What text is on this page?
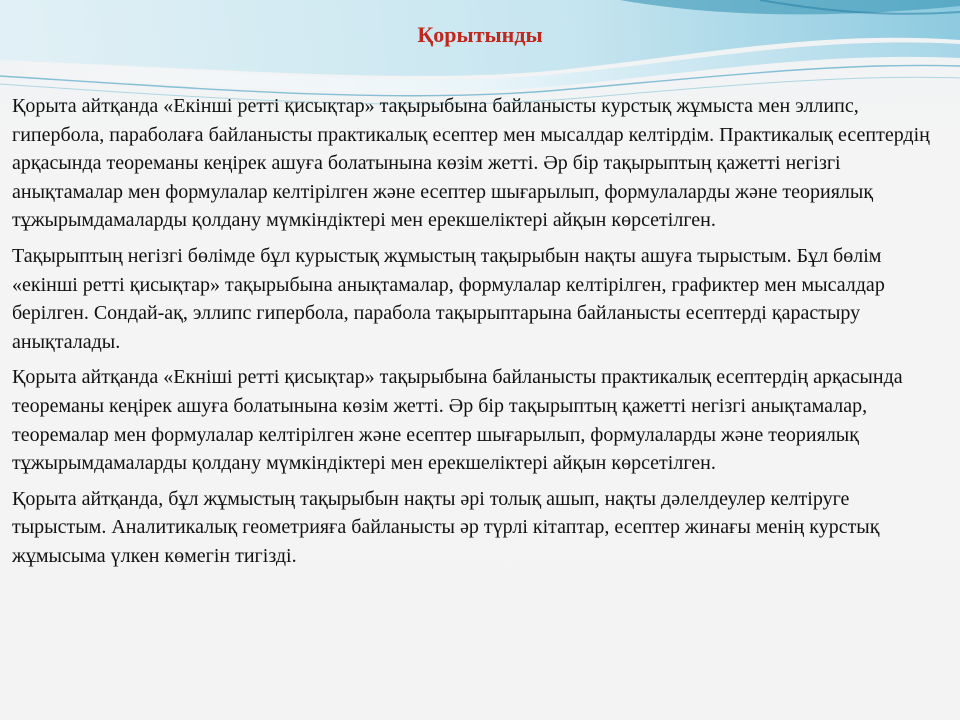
Қорытынды

Қорыта айтқанда «Екінші ретті қисықтар» тақырыбына байланысты курстық жұмыста мен эллипс, гипербола, параболаға байланысты практикалық есептер мен мысалдар келтірдім. Практикалық есептердің арқасында теореманы кеңірек ашуға болатынына көзім жетті. Әр бір тақырыптың қажетті негізгі анықтамалар мен формулалар келтірілген және есептер шығарылып, формулаларды және теориялық тұжырымдамаларды қолдану мүмкіндіктері мен ерекшеліктері айқын көрсетілген.

Тақырыптың негізгі бөлімде бұл курыстық жұмыстың тақырыбын нақты ашуға тырыстым. Бұл бөлім «екінші ретті қисықтар» тақырыбына анықтамалар, формулалар келтірілген, графиктер мен мысалдар берілген. Сондай-ақ, эллипс гипербола, парабола тақырыптарына байланысты есептерді қарастыру анықталады.

Қорыта айтқанда «Екніші ретті қисықтар» тақырыбына байланысты практикалық есептердің арқасында теореманы кеңірек ашуға болатынына көзім жетті. Әр бір тақырыптың қажетті негізгі анықтамалар, теоремалар мен формулалар келтірілген және есептер шығарылып, формулаларды және теориялық тұжырымдамаларды қолдану мүмкіндіктері мен ерекшеліктері айқын көрсетілген.

Қорыта айтқанда, бұл жұмыстың тақырыбын нақты әрі толық ашып, нақты дәлелдеулер келтіруге тырыстым. Аналитикалық геометрияға байланысты әр түрлі кітаптар, есептер жинағы менің курстық жұмысыма үлкен көмегін тигізді.
